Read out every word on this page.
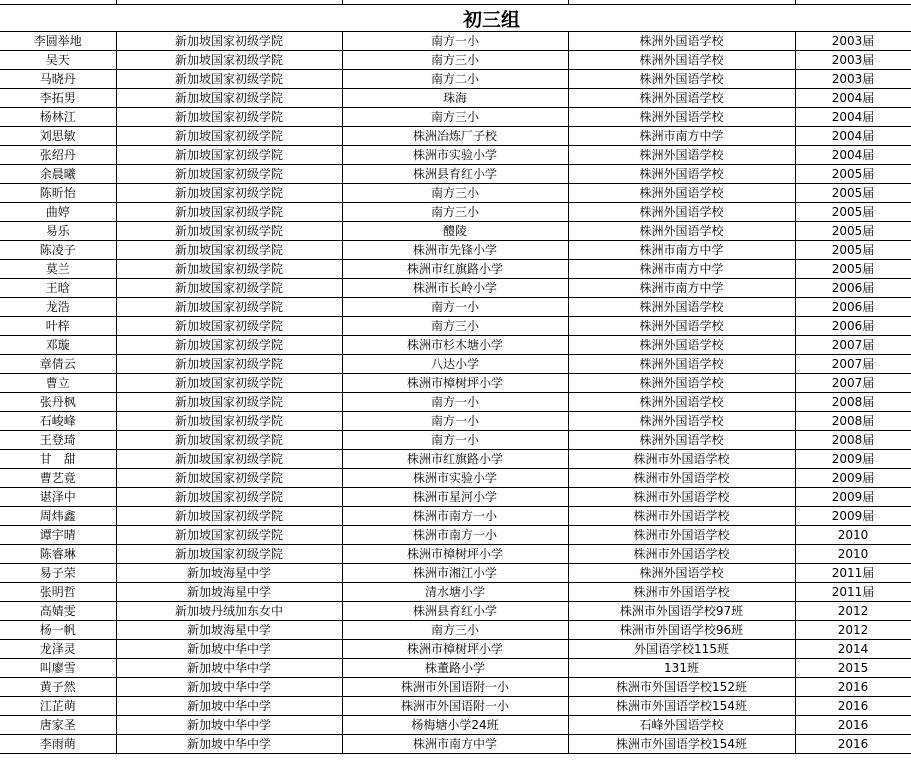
初三组
李圆举地	新加坡国家初级学院	南方一小	株洲外国语学校	2003届
吴天	新加坡国家初级学院	南方三小	株洲外国语学校	2003届
马晓丹	新加坡国家初级学院	南方二小	株洲外国语学校	2003届
李拓男	新加坡国家初级学院	珠海	株洲外国语学校	2004届
杨林江	新加坡国家初级学院	南方三小	株洲外国语学校	2004届
刘思敏	新加坡国家初级学院	株洲冶炼厂子校	株洲市南方中学	2004届
张绍丹	新加坡国家初级学院	株洲市实验小学	株洲外国语学校	2004届
余晨曦	新加坡国家初级学院	株洲县育红小学	株洲外国语学校	2005届
陈昕怡	新加坡国家初级学院	南方三小	株洲外国语学校	2005届
曲婷	新加坡国家初级学院	南方三小	株洲外国语学校	2005届
易乐	新加坡国家初级学院	醴陵	株洲外国语学校	2005届
陈凌子	新加坡国家初级学院	株洲市先锋小学	株洲市南方中学	2005届
莫兰	新加坡国家初级学院	株洲市红旗路小学	株洲市南方中学	2005届
王晗	新加坡国家初级学院	株洲市长岭小学	株洲市南方中学	2006届
龙浩	新加坡国家初级学院	南方一小	株洲外国语学校	2006届
叶梓	新加坡国家初级学院	南方三小	株洲外国语学校	2006届
邓璇	新加坡国家初级学院	株洲市杉木塘小学	株洲外国语学校	2007届
章倩云	新加坡国家初级学院	八达小学	株洲外国语学校	2007届
曹立	新加坡国家初级学院	株洲市樟树坪小学	株洲外国语学校	2007届
张丹枫	新加坡国家初级学院	南方一小	株洲外国语学校	2008届
石峻峰	新加坡国家初级学院	南方一小	株洲外国语学校	2008届
王登琦	新加坡国家初级学院	南方一小	株洲外国语学校	2008届
甘　甜	新加坡国家初级学院	株洲市红旗路小学	株洲市外国语学校	2009届
曹艺竟	新加坡国家初级学院	株洲市实验小学	株洲市外国语学校	2009届
谌泽中	新加坡国家初级学院	株洲市星河小学	株洲市外国语学校	2009届
周炜鑫	新加坡国家初级学院	株洲市南方一小	株洲市外国语学校	2009届
谭宇晴	新加坡国家初级学院	株洲市南方一小	株洲市外国语学校	2010
陈睿琳	新加坡国家初级学院	株洲市樟树坪小学	株洲市外国语学校	2010
易子荣	新加坡海星中学	株洲市湘江小学	株洲外国语学校	2011届
张明哲	新加坡海星中学	清水塘小学	株洲市外国语学校	2011届
高婧雯	新加坡丹绒加东女中	株洲县育红小学	株洲市外国语学校97班	2012
杨一帆	新加坡海星中学	南方三小	株洲市外国语学校96班	2012
龙泽灵	新加坡中华中学	株洲市樟树坪小学	外国语学校115班	2014
叫廖雪	新加坡中华中学	株董路小学	131班	2015
黄子然	新加坡中华中学	株洲市外国语附一小	株洲市外国语学校152班	2016
江芷萌	新加坡中华中学	株洲市外国语附一小	株洲市外国语学校154班	2016
唐家圣	新加坡中华中学	杨梅塘小学24班	石峰外国语学校	2016
李雨萌	新加坡中华中学	株洲市南方中学	株洲市外国语学校154班	2016
